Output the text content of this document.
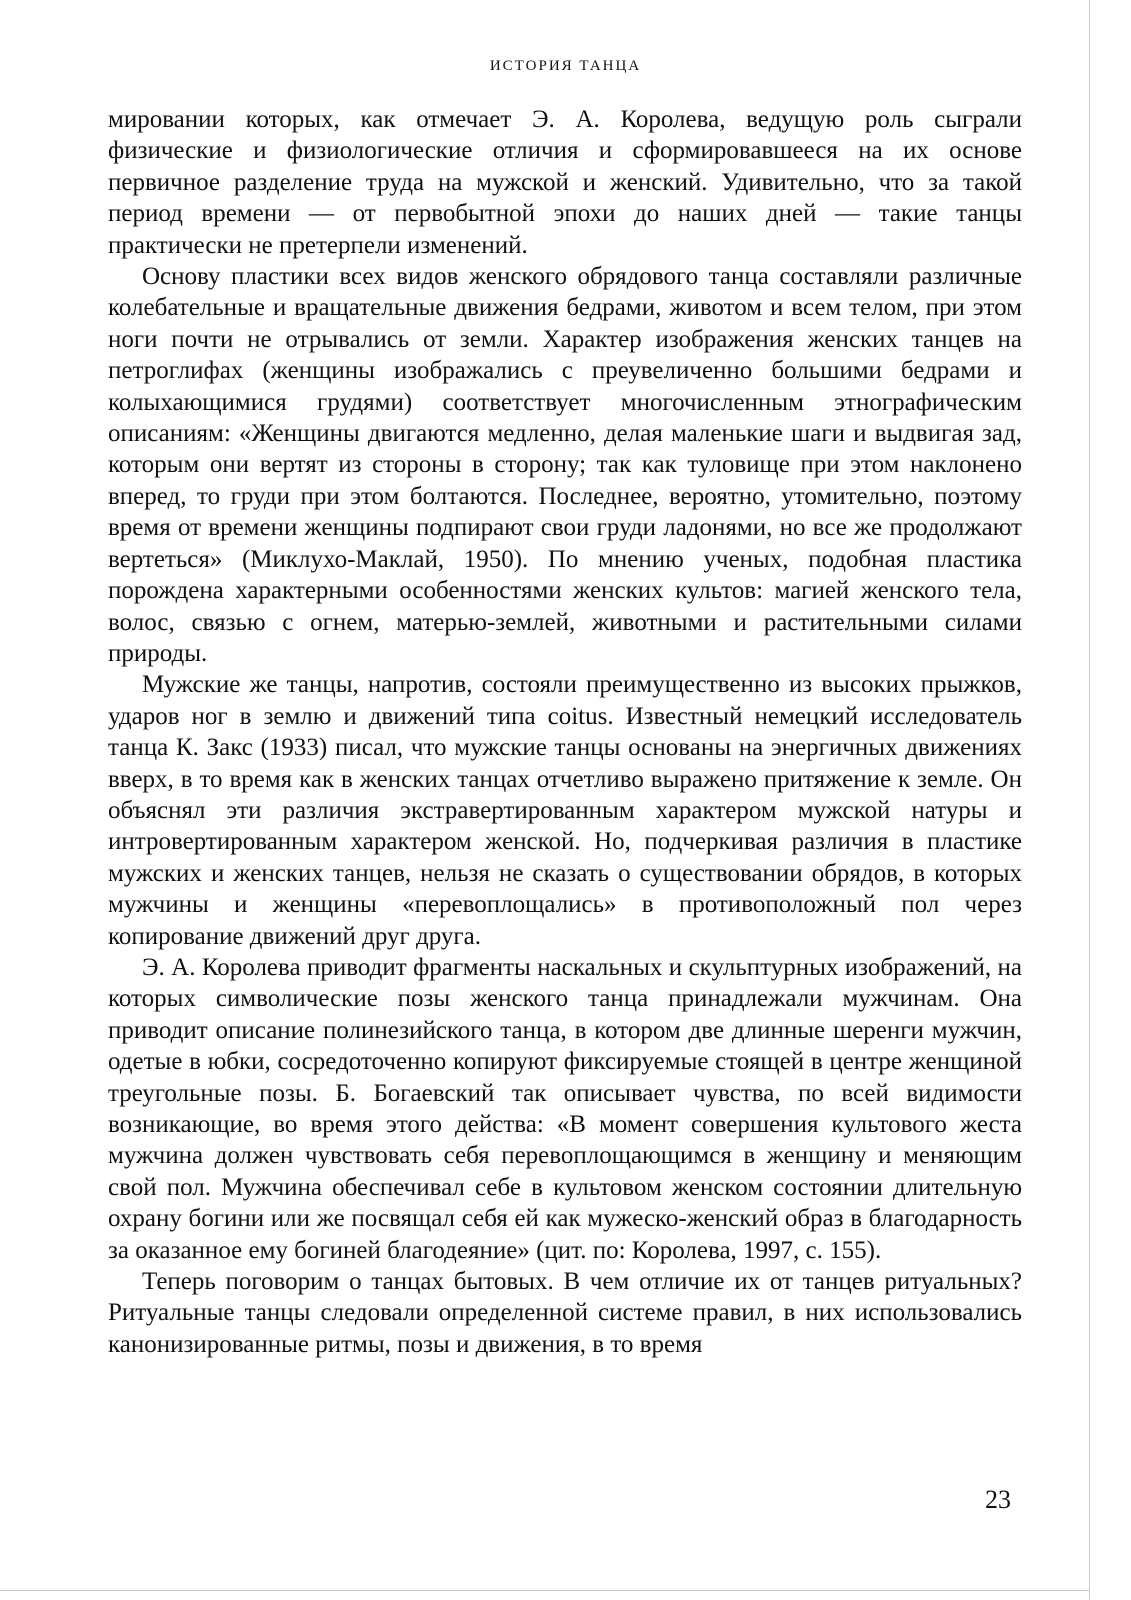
ИСТОРИЯ ТАНЦА

мировании которых, как отмечает Э. А. Королева, ведущую роль сыграли физические и физиологические отличия и сформировавшееся на их основе первичное разделение труда на мужской и женский. Удивительно, что за такой период времени — от первобытной эпохи до наших дней — такие танцы практически не претерпели изменений.

Основу пластики всех видов женского обрядового танца составляли различные колебательные и вращательные движения бедрами, животом и всем телом, при этом ноги почти не отрывались от земли. Характер изображения женских танцев на петроглифах (женщины изображались с преувеличенно большими бедрами и колыхающимися грудями) соответствует многочисленным этнографическим описаниям: «Женщины двигаются медленно, делая маленькие шаги и выдвигая зад, которым они вертят из стороны в сторону; так как туловище при этом наклонено вперед, то груди при этом болтаются. Последнее, вероятно, утомительно, поэтому время от времени женщины подпирают свои груди ладонями, но все же продолжают вертеться» (Миклухо-Маклай, 1950). По мнению ученых, подобная пластика порождена характерными особенностями женских культов: магией женского тела, волос, связью с огнем, матерью-землей, животными и растительными силами природы.

Мужские же танцы, напротив, состояли преимущественно из высоких прыжков, ударов ног в землю и движений типа coitus. Известный немецкий исследователь танца К. Закс (1933) писал, что мужские танцы основаны на энергичных движениях вверх, в то время как в женских танцах отчетливо выражено притяжение к земле. Он объяснял эти различия экстравертированным характером мужской натуры и интровертированным характером женской. Но, подчеркивая различия в пластике мужских и женских танцев, нельзя не сказать о существовании обрядов, в которых мужчины и женщины «перевоплощались» в противоположный пол через копирование движений друг друга.

Э. А. Королева приводит фрагменты наскальных и скульптурных изображений, на которых символические позы женского танца принадлежали мужчинам. Она приводит описание полинезийского танца, в котором две длинные шеренги мужчин, одетые в юбки, сосредоточенно копируют фиксируемые стоящей в центре женщиной треугольные позы. Б. Богаевский так описывает чувства, по всей видимости возникающие, во время этого действа: «В момент совершения культового жеста мужчина должен чувствовать себя перевоплощающимся в женщину и меняющим свой пол. Мужчина обеспечивал себе в культовом женском состоянии длительную охрану богини или же посвящал себя ей как мужеско-женский образ в благодарность за оказанное ему богиней благодеяние» (цит. по: Королева, 1997, с. 155).

Теперь поговорим о танцах бытовых. В чем отличие их от танцев ритуальных? Ритуальные танцы следовали определенной системе правил, в них использовались канонизированные ритмы, позы и движения, в то время

23
